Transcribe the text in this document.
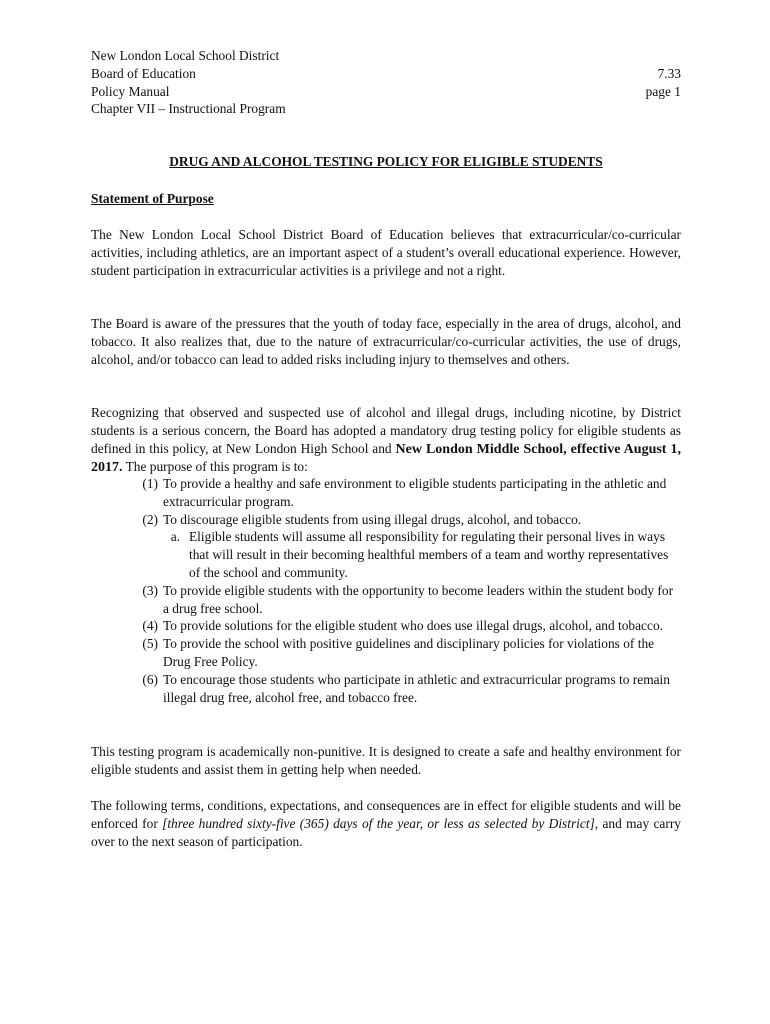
New London Local School District
Board of Education	7.33
Policy Manual	page 1
Chapter VII – Instructional Program
DRUG AND ALCOHOL TESTING POLICY FOR ELIGIBLE STUDENTS
Statement of Purpose

The New London Local School District Board of Education believes that extracurricular/co-curricular activities, including athletics, are an important aspect of a student’s overall educational experience. However, student participation in extracurricular activities is a privilege and not a right.

The Board is aware of the pressures that the youth of today face, especially in the area of drugs, alcohol, and tobacco. It also realizes that, due to the nature of extracurricular/co-curricular activities, the use of drugs, alcohol, and/or tobacco can lead to added risks including injury to themselves and others.

Recognizing that observed and suspected use of alcohol and illegal drugs, including nicotine, by District students is a serious concern, the Board has adopted a mandatory drug testing policy for eligible students as defined in this policy, at New London High School and New London Middle School, effective August 1, 2017. The purpose of this program is to:

(1) To provide a healthy and safe environment to eligible students participating in the athletic and extracurricular program.
(2) To discourage eligible students from using illegal drugs, alcohol, and tobacco.
a. Eligible students will assume all responsibility for regulating their personal lives in ways that will result in their becoming healthful members of a team and worthy representatives of the school and community.
(3) To provide eligible students with the opportunity to become leaders within the student body for a drug free school.
(4) To provide solutions for the eligible student who does use illegal drugs, alcohol, and tobacco.
(5) To provide the school with positive guidelines and disciplinary policies for violations of the Drug Free Policy.
(6) To encourage those students who participate in athletic and extracurricular programs to remain illegal drug free, alcohol free, and tobacco free.

This testing program is academically non-punitive. It is designed to create a safe and healthy environment for eligible students and assist them in getting help when needed.

The following terms, conditions, expectations, and consequences are in effect for eligible students and will be enforced for [three hundred sixty-five (365) days of the year, or less as selected by District], and may carry over to the next season of participation.
